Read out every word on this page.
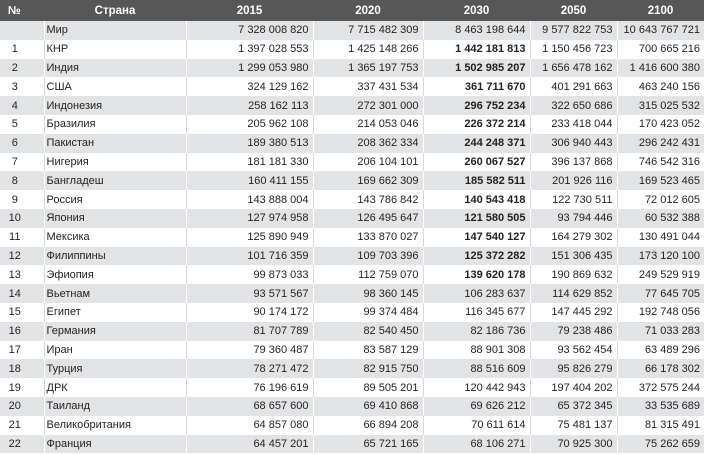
№	Страна	2015	2020	2030	2050	2100
	Мир	7 328 008 820	7 715 482 309	8 463 198 644	9 577 822 753	10 643 767 721
1	КНР	1 397 028 553	1 425 148 266	1 442 181 813	1 150 456 723	700 665 216
2	Индия	1 299 053 980	1 365 197 753	1 502 985 207	1 656 478 162	1 416 600 380
3	США	324 129 162	337 431 534	361 711 670	401 291 663	463 240 156
4	Индонезия	258 162 113	272 301 000	296 752 234	322 650 686	315 025 532
5	Бразилия	205 962 108	214 053 046	226 372 214	233 418 044	170 423 052
6	Пакистан	189 380 513	208 362 334	244 248 371	306 940 443	296 242 431
7	Нигерия	181 181 330	206 104 101	260 067 527	396 137 868	746 542 316
8	Бангладеш	160 411 155	169 662 309	185 582 511	201 926 116	169 523 465
9	Россия	143 888 004	143 786 842	140 543 418	122 730 511	72 012 605
10	Япония	127 974 958	126 495 647	121 580 505	93 794 446	60 532 388
11	Мексика	125 890 949	133 870 027	147 540 127	164 279 302	130 491 044
12	Филиппины	101 716 359	109 703 396	125 372 282	151 306 435	173 120 100
13	Эфиопия	99 873 033	112 759 070	139 620 178	190 869 632	249 529 919
14	Вьетнам	93 571 567	98 360 145	106 283 637	114 629 852	77 645 705
15	Египет	90 174 172	99 374 484	116 345 677	147 445 292	192 748 056
16	Германия	81 707 789	82 540 450	82 186 736	79 238 486	71 033 283
17	Иран	79 360 487	83 587 129	88 901 308	93 562 454	63 489 296
18	Турция	78 271 472	82 915 750	88 516 609	95 826 279	66 178 302
19	ДРК	76 196 619	89 505 201	120 442 943	197 404 202	372 575 244
20	Таиланд	68 657 600	69 410 868	69 626 212	65 372 345	33 535 689
21	Великобритания	64 857 080	66 894 208	70 611 614	75 481 137	81 315 491
22	Франция	64 457 201	65 721 165	68 106 271	70 925 300	75 262 659
